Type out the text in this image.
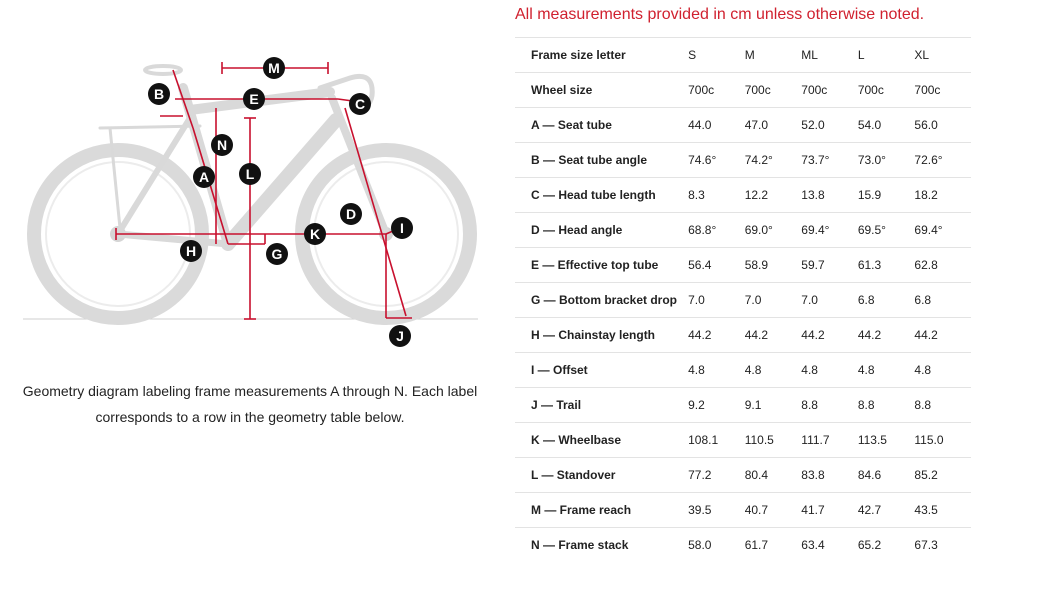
M
B	E	C
N
A	L
D
I
K
H	G
J
Geometry diagram labeling frame measurements A through N. Each label
corresponds to a row in the geometry table below.
All measurements provided in cm unless otherwise noted.
Frame size letter	S	M	ML	L	XL
Wheel size	700c	700c	700c	700c	700c
A — Seat tube	44.0	47.0	52.0	54.0	56.0
B — Seat tube angle	74.6°	74.2°	73.7°	73.0°	72.6°
C — Head tube length	8.3	12.2	13.8	15.9	18.2
D — Head angle	68.8°	69.0°	69.4°	69.5°	69.4°
E — Effective top tube	56.4	58.9	59.7	61.3	62.8
G — Bottom bracket drop	7.0	7.0	7.0	6.8	6.8
H — Chainstay length	44.2	44.2	44.2	44.2	44.2
I — Offset	4.8	4.8	4.8	4.8	4.8
J — Trail	9.2	9.1	8.8	8.8	8.8
K — Wheelbase	108.1	110.5	111.7	113.5	115.0
L — Standover	77.2	80.4	83.8	84.6	85.2
M — Frame reach	39.5	40.7	41.7	42.7	43.5
N — Frame stack	58.0	61.7	63.4	65.2	67.3
